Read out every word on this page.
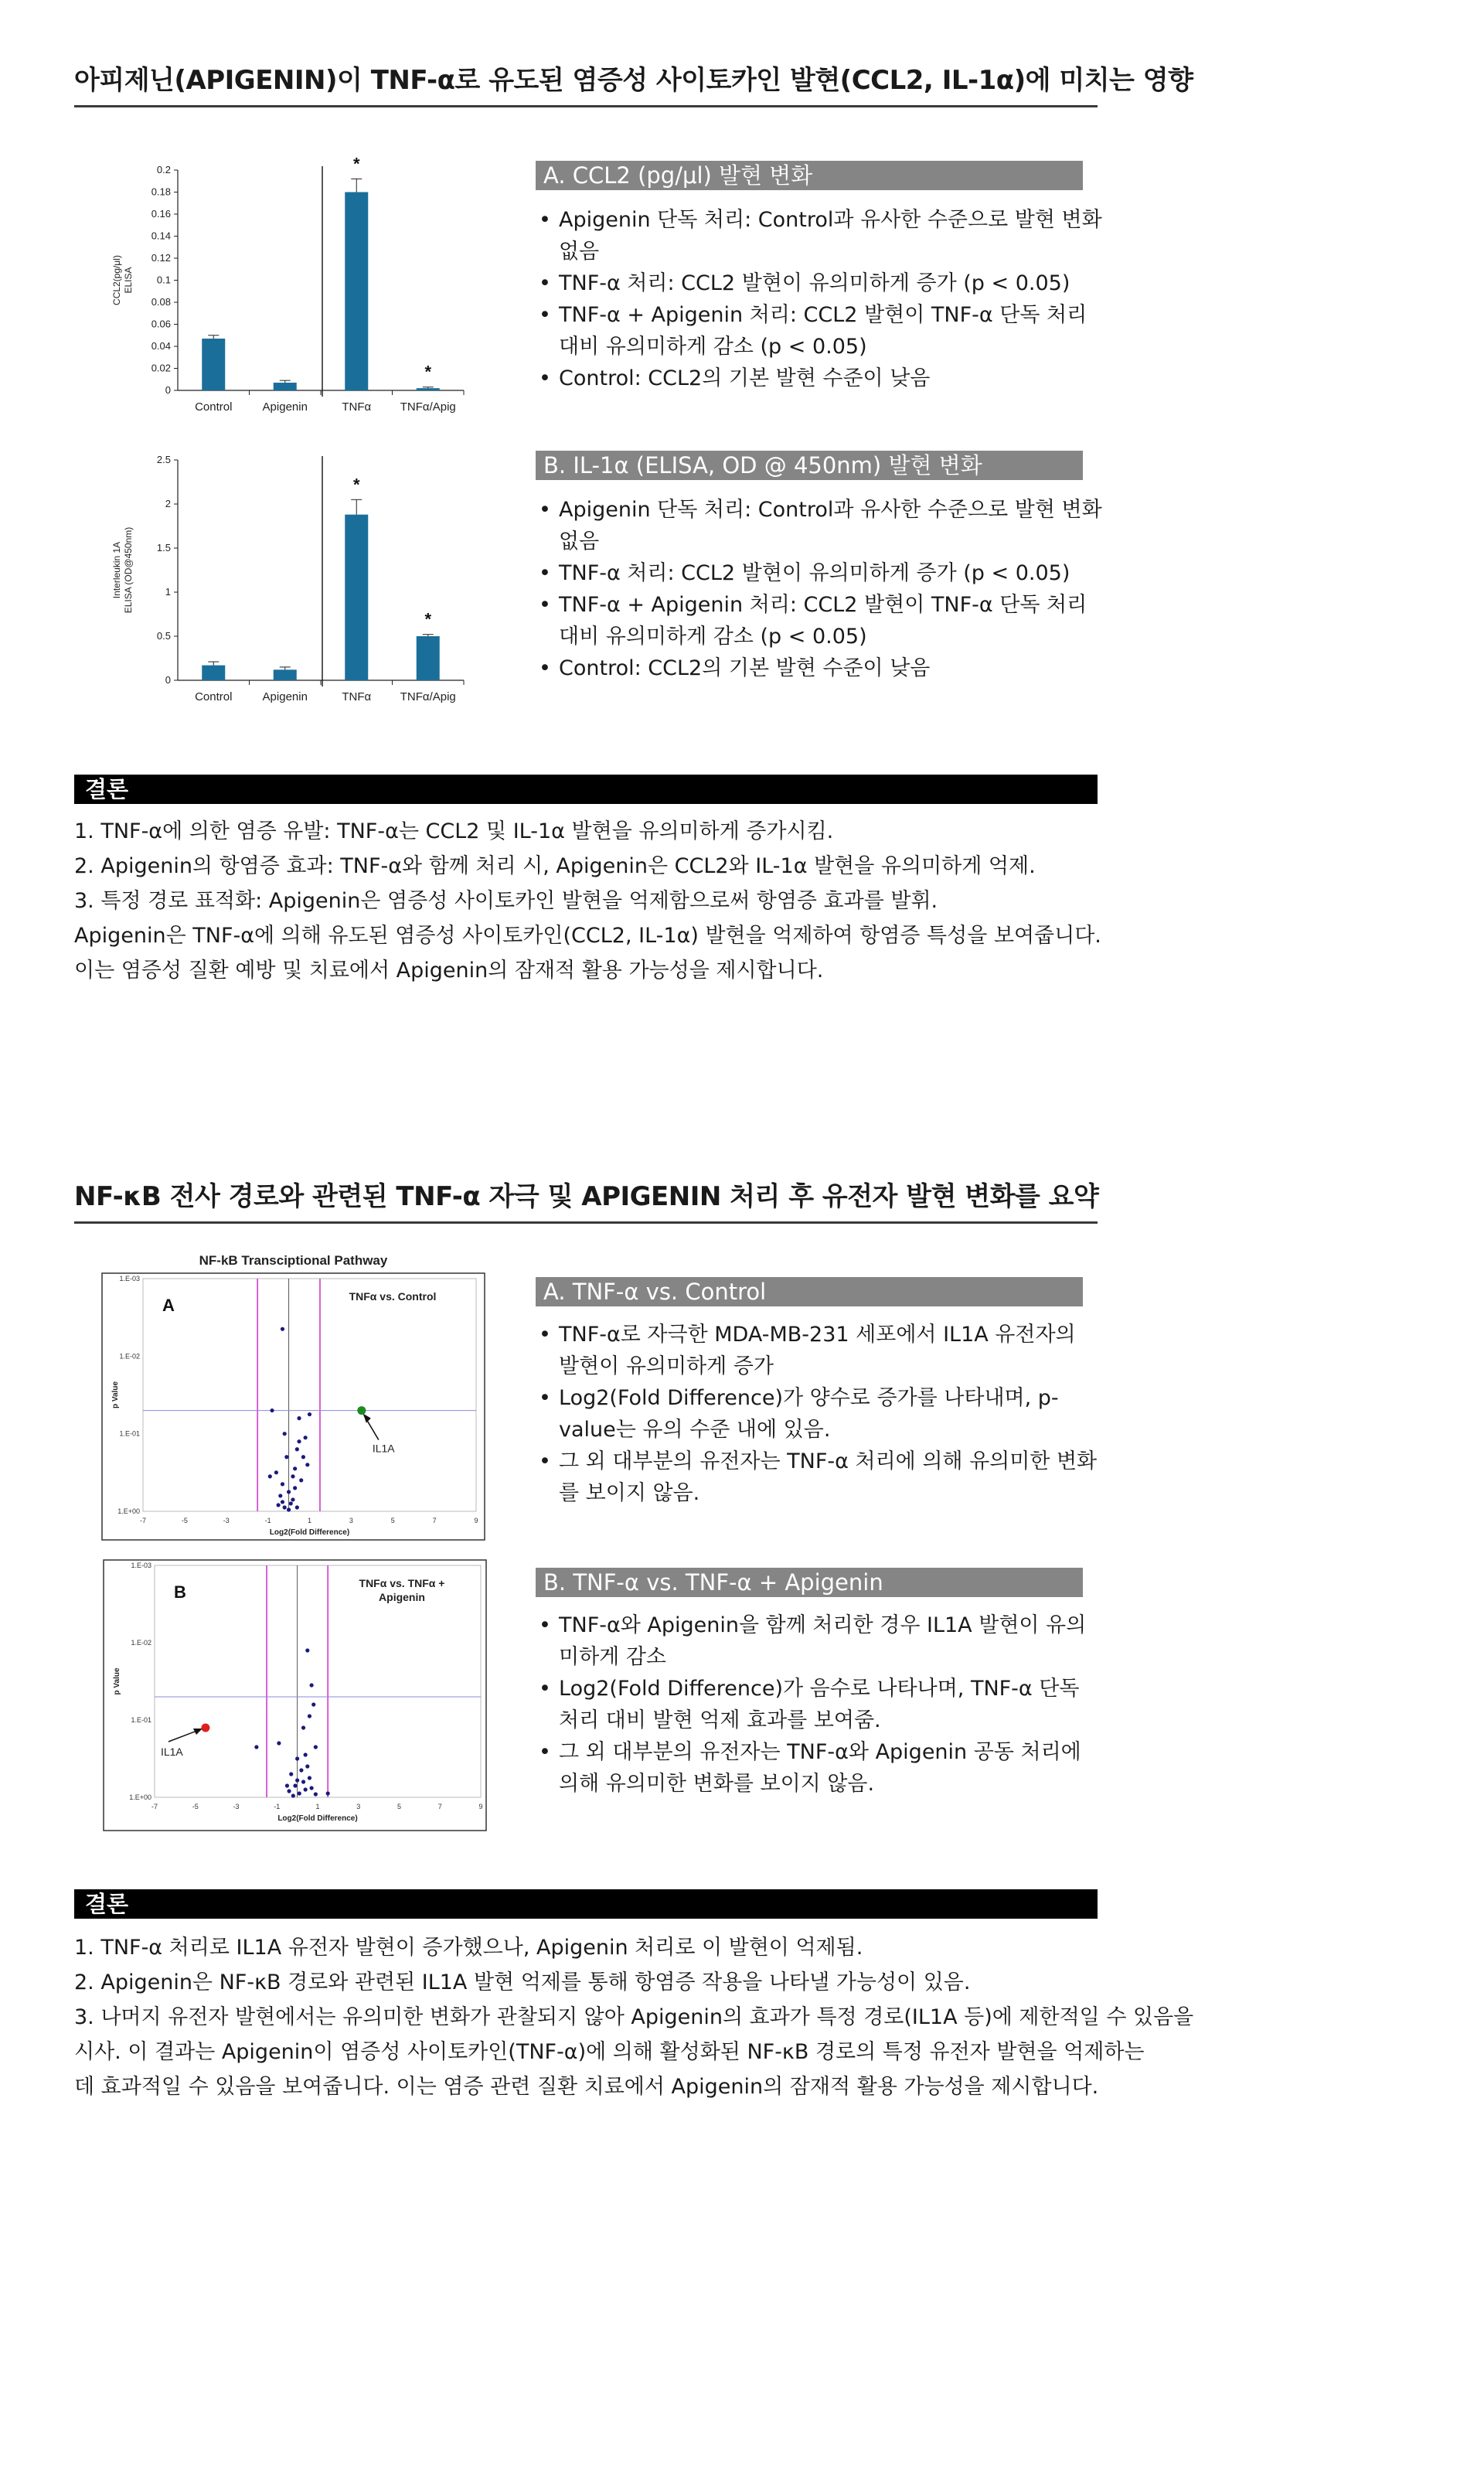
아피제닌(APIGENIN)이 TNF-α로 유도된 염증성 사이토카인 발현(CCL2, IL-1α)에 미치는 영향
0
0.02
0.04
0.06
0.08
0.1
0.12
0.14
0.16
0.18
0.2
Control	Apigenin	TNFα
*
TNFα/Apig
*
CCL2(pg/μl)ELISA
0
0.5
1
1.5
2
2.5
Control	Apigenin	TNFα
*
TNFα/Apig
*
Interleukin 1AELISA (OD@450nm)
A. CCL2 (pg/μl) 발현 변화
• Apigenin 단독 처리: Control과 유사한 수준으로 발현 변화 없음
• TNF-α 처리: CCL2 발현이 유의미하게 증가 (p < 0.05)
• TNF-α + Apigenin 처리: CCL2 발현이 TNF-α 단독 처리 대비 유의미하게 감소 (p < 0.05)
• Control: CCL2의 기본 발현 수준이 낮음
B. IL-1α (ELISA, OD @ 450nm) 발현 변화
• Apigenin 단독 처리: Control과 유사한 수준으로 발현 변화 없음
• TNF-α 처리: CCL2 발현이 유의미하게 증가 (p < 0.05)
• TNF-α + Apigenin 처리: CCL2 발현이 TNF-α 단독 처리 대비 유의미하게 감소 (p < 0.05)
• Control: CCL2의 기본 발현 수준이 낮음
결론
1. TNF-α에 의한 염증 유발: TNF-α는 CCL2 및 IL-1α 발현을 유의미하게 증가시킴.
2. Apigenin의 항염증 효과: TNF-α와 함께 처리 시, Apigenin은 CCL2와 IL-1α 발현을 유의미하게 억제.
3. 특정 경로 표적화: Apigenin은 염증성 사이토카인 발현을 억제함으로써 항염증 효과를 발휘.
Apigenin은 TNF-α에 의해 유도된 염증성 사이토카인(CCL2, IL-1α) 발현을 억제하여 항염증 특성을 보여줍니다.
이는 염증성 질환 예방 및 치료에서 Apigenin의 잠재적 활용 가능성을 제시합니다.
NF-κB 전사 경로와 관련된 TNF-α 자극 및 APIGENIN 처리 후 유전자 발현 변화를 요약
NF-kB Transciptional Pathway
1.E+00
1.E-01
1.E-02
1.E-03
-7	-5	-3	-1	1	3	5	7	9
Log2(Fold Difference)
p Value
A	TNFα vs. Control
IL1A
1.E+00
1.E-01
1.E-02
1.E-03
-7	-5	-3	-1	1	3	5	7	9
Log2(Fold Difference)
p Value
B	TNFα vs. TNFα + Apigenin
IL1A
A. TNF-α vs. Control
• TNF-α로 자극한 MDA-MB-231 세포에서 IL1A 유전자의 발현이 유의미하게 증가
• Log2(Fold Difference)가 양수로 증가를 나타내며, p-value는 유의 수준 내에 있음.
• 그 외 대부분의 유전자는 TNF-α 처리에 의해 유의미한 변화를 보이지 않음.
B. TNF-α vs. TNF-α + Apigenin
• TNF-α와 Apigenin을 함께 처리한 경우 IL1A 발현이 유의미하게 감소
• Log2(Fold Difference)가 음수로 나타나며, TNF-α 단독 처리 대비 발현 억제 효과를 보여줌.
• 그 외 대부분의 유전자는 TNF-α와 Apigenin 공동 처리에 의해 유의미한 변화를 보이지 않음.
결론
1. TNF-α 처리로 IL1A 유전자 발현이 증가했으나, Apigenin 처리로 이 발현이 억제됨.
2. Apigenin은 NF-κB 경로와 관련된 IL1A 발현 억제를 통해 항염증 작용을 나타낼 가능성이 있음.
3. 나머지 유전자 발현에서는 유의미한 변화가 관찰되지 않아 Apigenin의 효과가 특정 경로(IL1A 등)에 제한적일 수 있음을
시사. 이 결과는 Apigenin이 염증성 사이토카인(TNF-α)에 의해 활성화된 NF-κB 경로의 특정 유전자 발현을 억제하는
데 효과적일 수 있음을 보여줍니다. 이는 염증 관련 질환 치료에서 Apigenin의 잠재적 활용 가능성을 제시합니다.
